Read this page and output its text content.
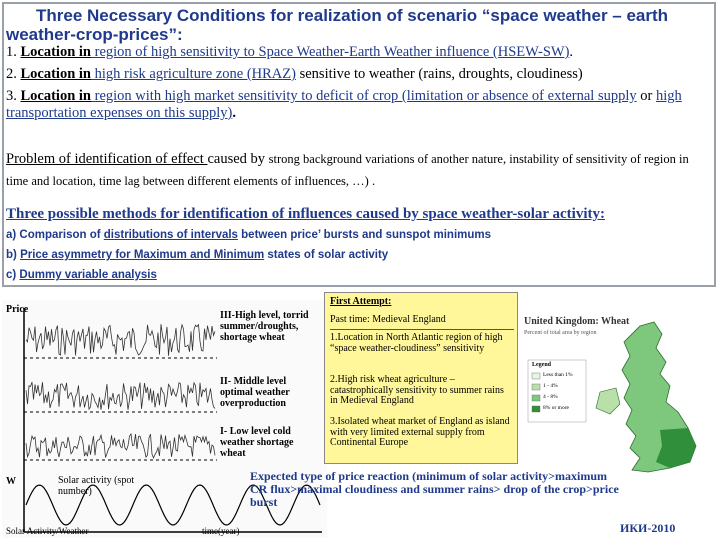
Three Necessary Conditions for realization of scenario “space weather – earth weather-crop-prices”:
1. Location in region of high sensitivity to Space Weather-Earth Weather influence (HSEW-SW).
2. Location in high risk agriculture zone (HRAZ) sensitive to weather (rains, droughts, cloudiness)
3. Location in region with high market sensitivity to deficit of crop (limitation or absence of external supply or high transportation expenses on this supply).
Problem of identification of effect caused by strong background variations of another nature, instability of sensitivity of region in time and location, time lag between different elements of influences, …) .
Three possible methods for identification of influences caused by space weather-solar activity:
a) Comparison of distributions of intervals between price’ bursts and sunspot minimums
b) Price asymmetry for Maximum and Minimum states of solar activity
c) Dummy variable analysis
Price
III-High level, torrid summer/droughts, shortage wheat
II- Middle level optimal weather overproduction
I- Low level cold weather shortage wheat
W	Solar activity (spot number)
Solar Activity/Weather	time(year)
First Attempt:
Past time: Medieval England
1.Location in North Atlantic region of high “space weather-cloudiness” sensitivity
2.High risk wheat agriculture – catastrophically sensitivity to summer rains in Medieval England
3.Isolated wheat market of England as island with very limited external supply from Continental Europe
United Kingdom: Wheat
Percent of total area by region
Legend
Less than 1%
1 - 4%
4 - 8%
8% or more
Expected type of price reaction (minimum of solar activity>maximum CR flux>maximal cloudiness and summer rains> drop of the crop>price burst
ИКИ-2010
